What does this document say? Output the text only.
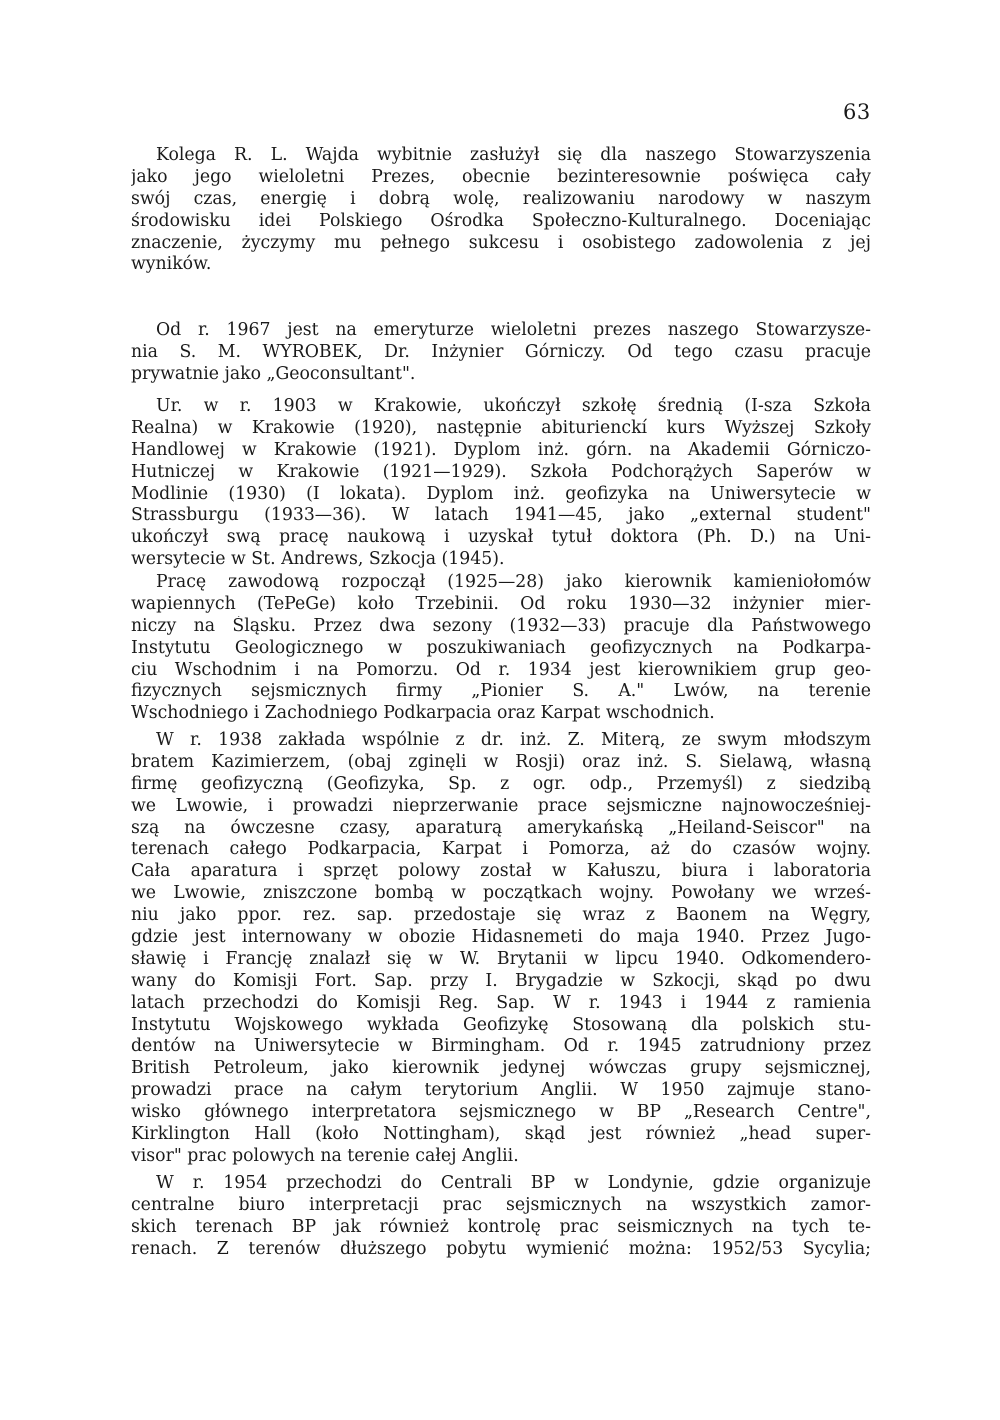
63
Kolega R. L. Wajda wybitnie zasłużył się dla naszego Stowarzyszenia
jako jego wieloletni Prezes, obecnie bezinteresownie poświęca cały
swój czas, energię i dobrą wolę, realizowaniu narodowy w naszym
środowisku idei Polskiego Ośrodka Społeczno-Kulturalnego. Doceniając
znaczenie, życzymy mu pełnego sukcesu i osobistego zadowolenia z jej
wyników.
Od r. 1967 jest na emeryturze wieloletni prezes naszego Stowarzysze-
nia S. M. WYROBEK, Dr. Inżynier Górniczy. Od tego czasu pracuje
prywatnie jako „Geoconsultant".
Ur. w r. 1903 w Krakowie, ukończył szkołę średnią (I-sza Szkoła
Realna) w Krakowie (1920), następnie abiturienckí kurs Wyższej Szkoły
Handlowej w Krakowie (1921). Dyplom inż. górn. na Akademii Górniczo-
Hutniczej w Krakowie (1921—1929). Szkoła Podchorążych Saperów w
Modlinie (1930) (I lokata). Dyplom inż. geofizyka na Uniwersytecie w
Strassburgu (1933—36). W latach 1941—45, jako „external student"
ukończył swą pracę naukową i uzyskał tytuł doktora (Ph. D.) na Uni-
wersytecie w St. Andrews, Szkocja (1945).
Pracę zawodową rozpoczął (1925—28) jako kierownik kamieniołomów
wapiennych (TePeGe) koło Trzebinii. Od roku 1930—32 inżynier mier-
niczy na Śląsku. Przez dwa sezony (1932—33) pracuje dla Państwowego
Instytutu Geologicznego w poszukiwaniach geofizycznych na Podkarpa-
ciu Wschodnim i na Pomorzu. Od r. 1934 jest kierownikiem grup geo-
fizycznych sejsmicznych firmy „Pionier S. A." Lwów, na terenie
Wschodniego i Zachodniego Podkarpacia oraz Karpat wschodnich.
W r. 1938 zakłada wspólnie z dr. inż. Z. Miterą, ze swym młodszym
bratem Kazimierzem, (obaj zginęli w Rosji) oraz inż. S. Sielawą, własną
firmę geofizyczną (Geofizyka, Sp. z ogr. odp., Przemyśl) z siedzibą
we Lwowie, i prowadzi nieprzerwanie prace sejsmiczne najnowocześniej-
szą na ówczesne czasy, aparaturą amerykańską „Heiland-Seiscor" na
terenach całego Podkarpacia, Karpat i Pomorza, aż do czasów wojny.
Cała aparatura i sprzęt polowy został w Kałuszu, biura i laboratoria
we Lwowie, zniszczone bombą w początkach wojny. Powołany we wrześ-
niu jako ppor. rez. sap. przedostaje się wraz z Baonem na Węgry,
gdzie jest internowany w obozie Hidasnemeti do maja 1940. Przez Jugo-
sławię i Francję znalazł się w W. Brytanii w lipcu 1940. Odkomendero-
wany do Komisji Fort. Sap. przy I. Brygadzie w Szkocji, skąd po dwu
latach przechodzi do Komisji Reg. Sap. W r. 1943 i 1944 z ramienia
Instytutu Wojskowego wykłada Geofizykę Stosowaną dla polskich stu-
dentów na Uniwersytecie w Birmingham. Od r. 1945 zatrudniony przez
British Petroleum, jako kierownik jedynej wówczas grupy sejsmicznej,
prowadzi prace na całym terytorium Anglii. W 1950 zajmuje stano-
wisko głównego interpretatora sejsmicznego w BP „Research Centre",
Kirklington Hall (koło Nottingham), skąd jest również „head super-
visor" prac polowych na terenie całej Anglii.
W r. 1954 przechodzi do Centrali BP w Londynie, gdzie organizuje
centralne biuro interpretacji prac sejsmicznych na wszystkich zamor-
skich terenach BP jak również kontrolę prac seismicznych na tych te-
renach. Z terenów dłuższego pobytu wymienić można: 1952/53 Sycylia;
